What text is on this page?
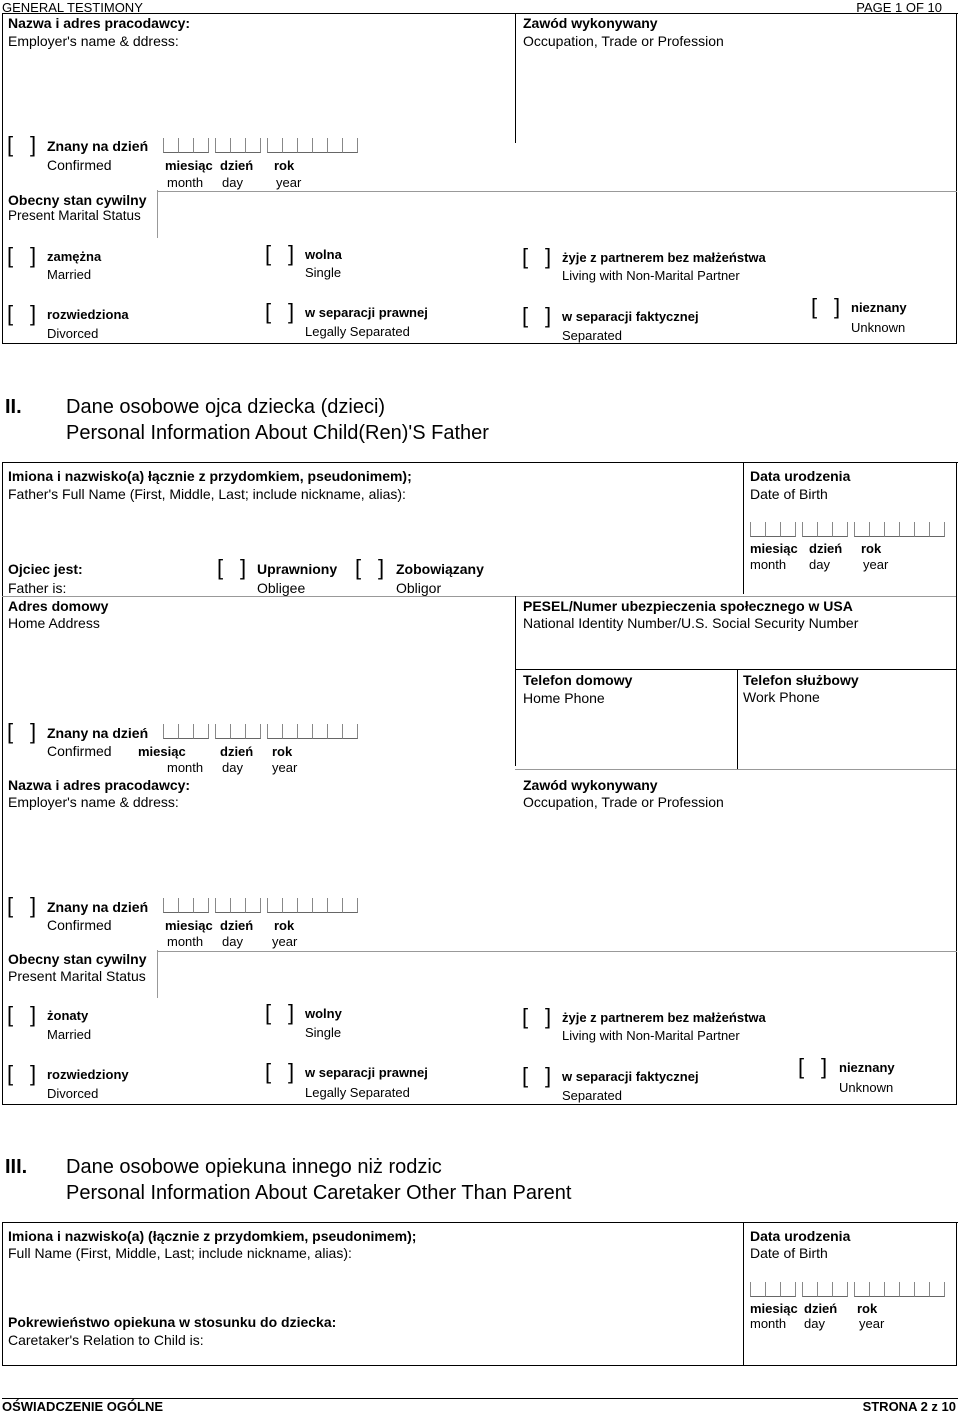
GENERAL TESTIMONY	PAGE 1 OF 10
Nazwa i adres pracodawcy:
Employer's name & ddress:
Zawód wykonywany
Occupation, Trade or Profession
[ ] Znany na dzień
Confirmed	miesiąc dzień rok
month day	year
Obecny stan cywilny
Present Marital Status
[ ] zamężna
Married
[ ] wolna
Single
[ ] żyje z partnerem bez małżeństwa
Living with Non-Marital Partner
[ ] rozwiedziona
Divorced
[ ] w separacji prawnej
Legally Separated
[ ] w separacji faktycznej
Separated
[ ] nieznany
Unknown
II. Dane osobowe ojca dziecka (dzieci)
Personal Information About Child(Ren)'S Father
Imiona i nazwisko(a) łącznie z przydomkiem, pseudonimem);
Father's Full Name (First, Middle, Last; include nickname, alias):
Data urodzenia
Date of Birth
miesiąc dzień rok
month day	year
Ojciec jest:
Father is:
[ ] Uprawniony
Obligee
[ ] Zobowiązany
Obligor
Adres domowy
Home Address
PESEL/Numer ubezpieczenia społecznego w USA
National Identity Number/U.S. Social Security Number
Telefon domowy
Home Phone
Telefon służbowy
Work Phone
[ ] Znany na dzień
Confirmed miesiąc	dzień rok
month day year
Nazwa i adres pracodawcy:
Employer's name & ddress:
Zawód wykonywany
Occupation, Trade or Profession
[ ] Znany na dzień
Confirmed	miesiąc dzień rok
month day year
Obecny stan cywilny
Present Marital Status
[ ] żonaty
Married
[ ] wolny
Single
[ ] żyje z partnerem bez małżeństwa
Living with Non-Marital Partner
[ ] rozwiedziony
Divorced
[ ] w separacji prawnej
Legally Separated
[ ] w separacji faktycznej
Separated
[ ] nieznany
Unknown
III. Dane osobowe opiekuna innego niż rodzic
Personal Information About Caretaker Other Than Parent
Imiona i nazwisko(a) (łącznie z przydomkiem, pseudonimem);
Full Name (First, Middle, Last; include nickname, alias):
Data urodzenia
Date of Birth
miesiąc dzień rok
month day	year
Pokrewieństwo opiekuna w stosunku do dziecka:
Caretaker's Relation to Child is:
OŚWIADCZENIE OGÓLNE	STRONA 2 z 10
